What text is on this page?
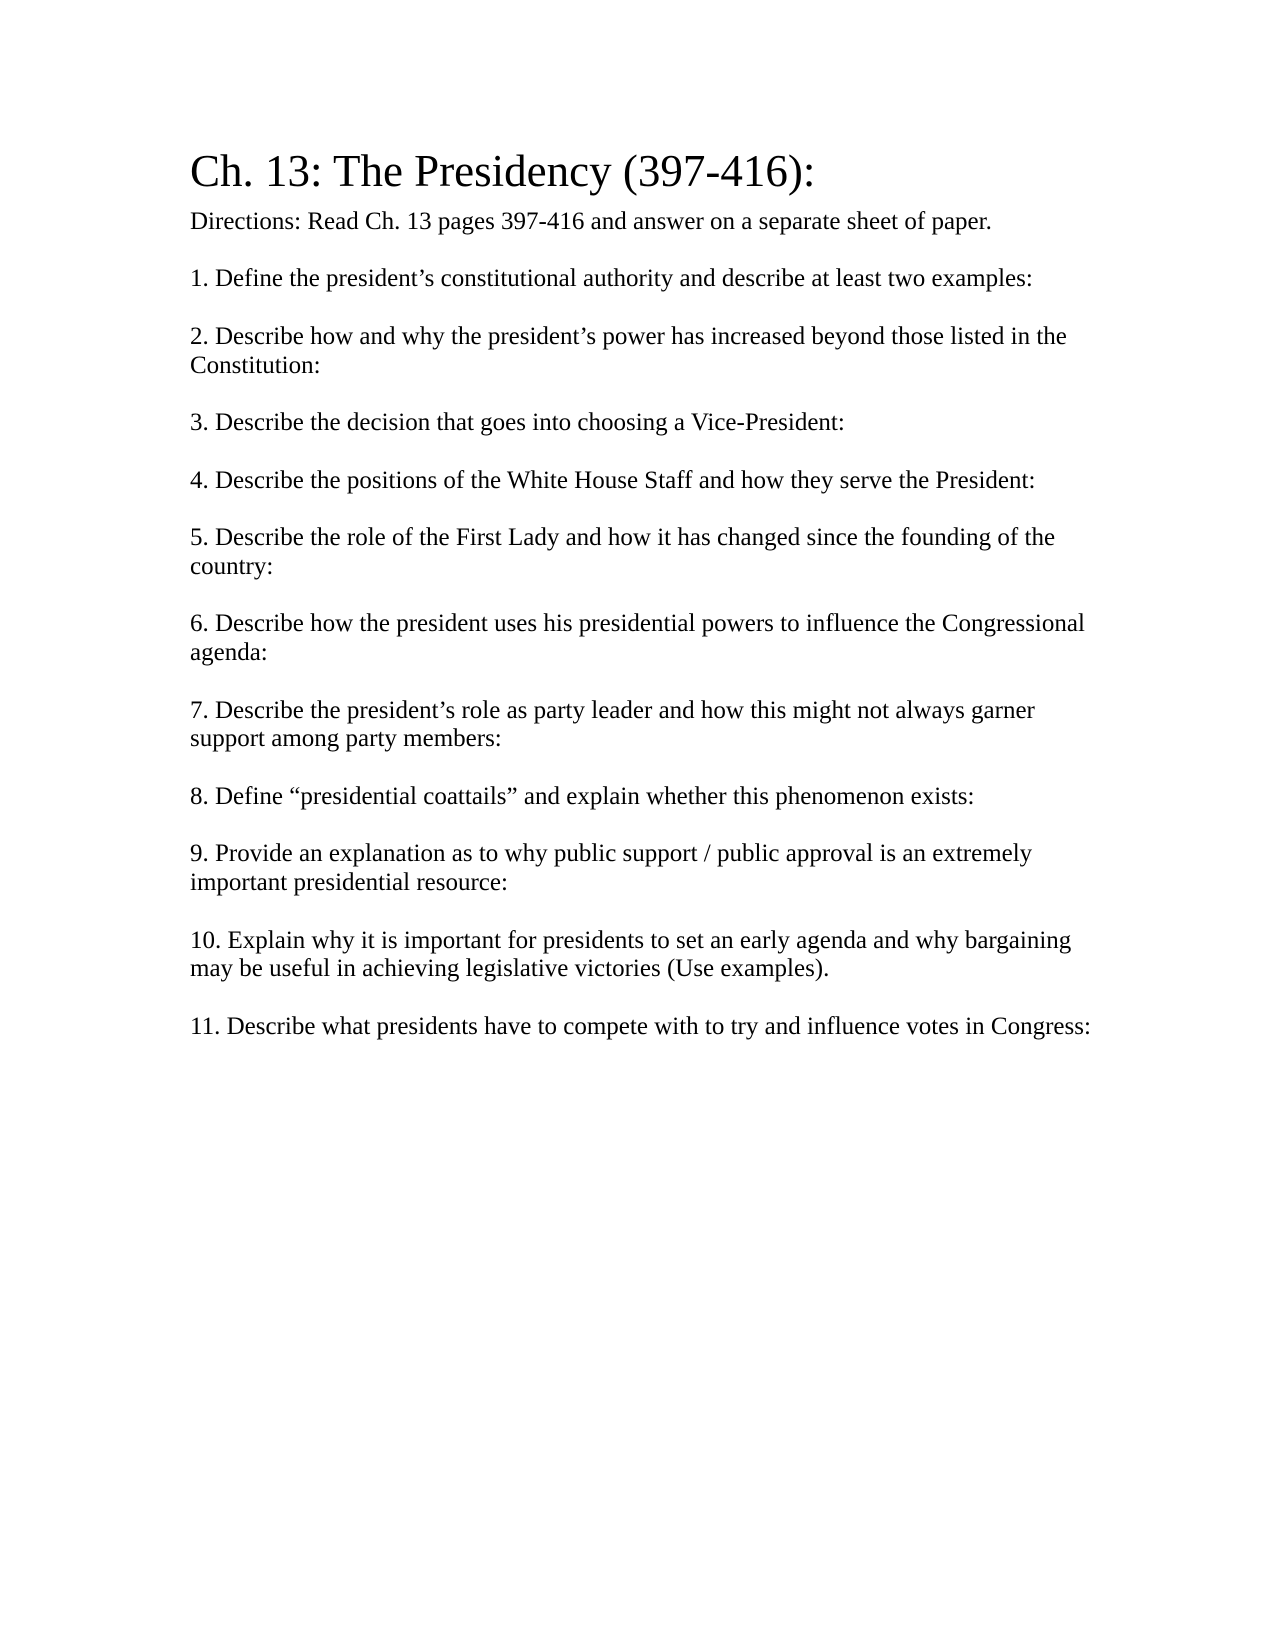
Ch. 13: The Presidency (397-416):

Directions: Read Ch. 13 pages 397-416 and answer on a separate sheet of paper.

1. Define the president’s constitutional authority and describe at least two examples:

2. Describe how and why the president’s power has increased beyond those listed in the Constitution:

3. Describe the decision that goes into choosing a Vice-President:

4. Describe the positions of the White House Staff and how they serve the President:

5. Describe the role of the First Lady and how it has changed since the founding of the country:

6. Describe how the president uses his presidential powers to influence the Congressional agenda:

7. Describe the president’s role as party leader and how this might not always garner support among party members:

8. Define “presidential coattails” and explain whether this phenomenon exists:

9. Provide an explanation as to why public support / public approval is an extremely important presidential resource:

10. Explain why it is important for presidents to set an early agenda and why bargaining may be useful in achieving legislative victories (Use examples).

11. Describe what presidents have to compete with to try and influence votes in Congress:
